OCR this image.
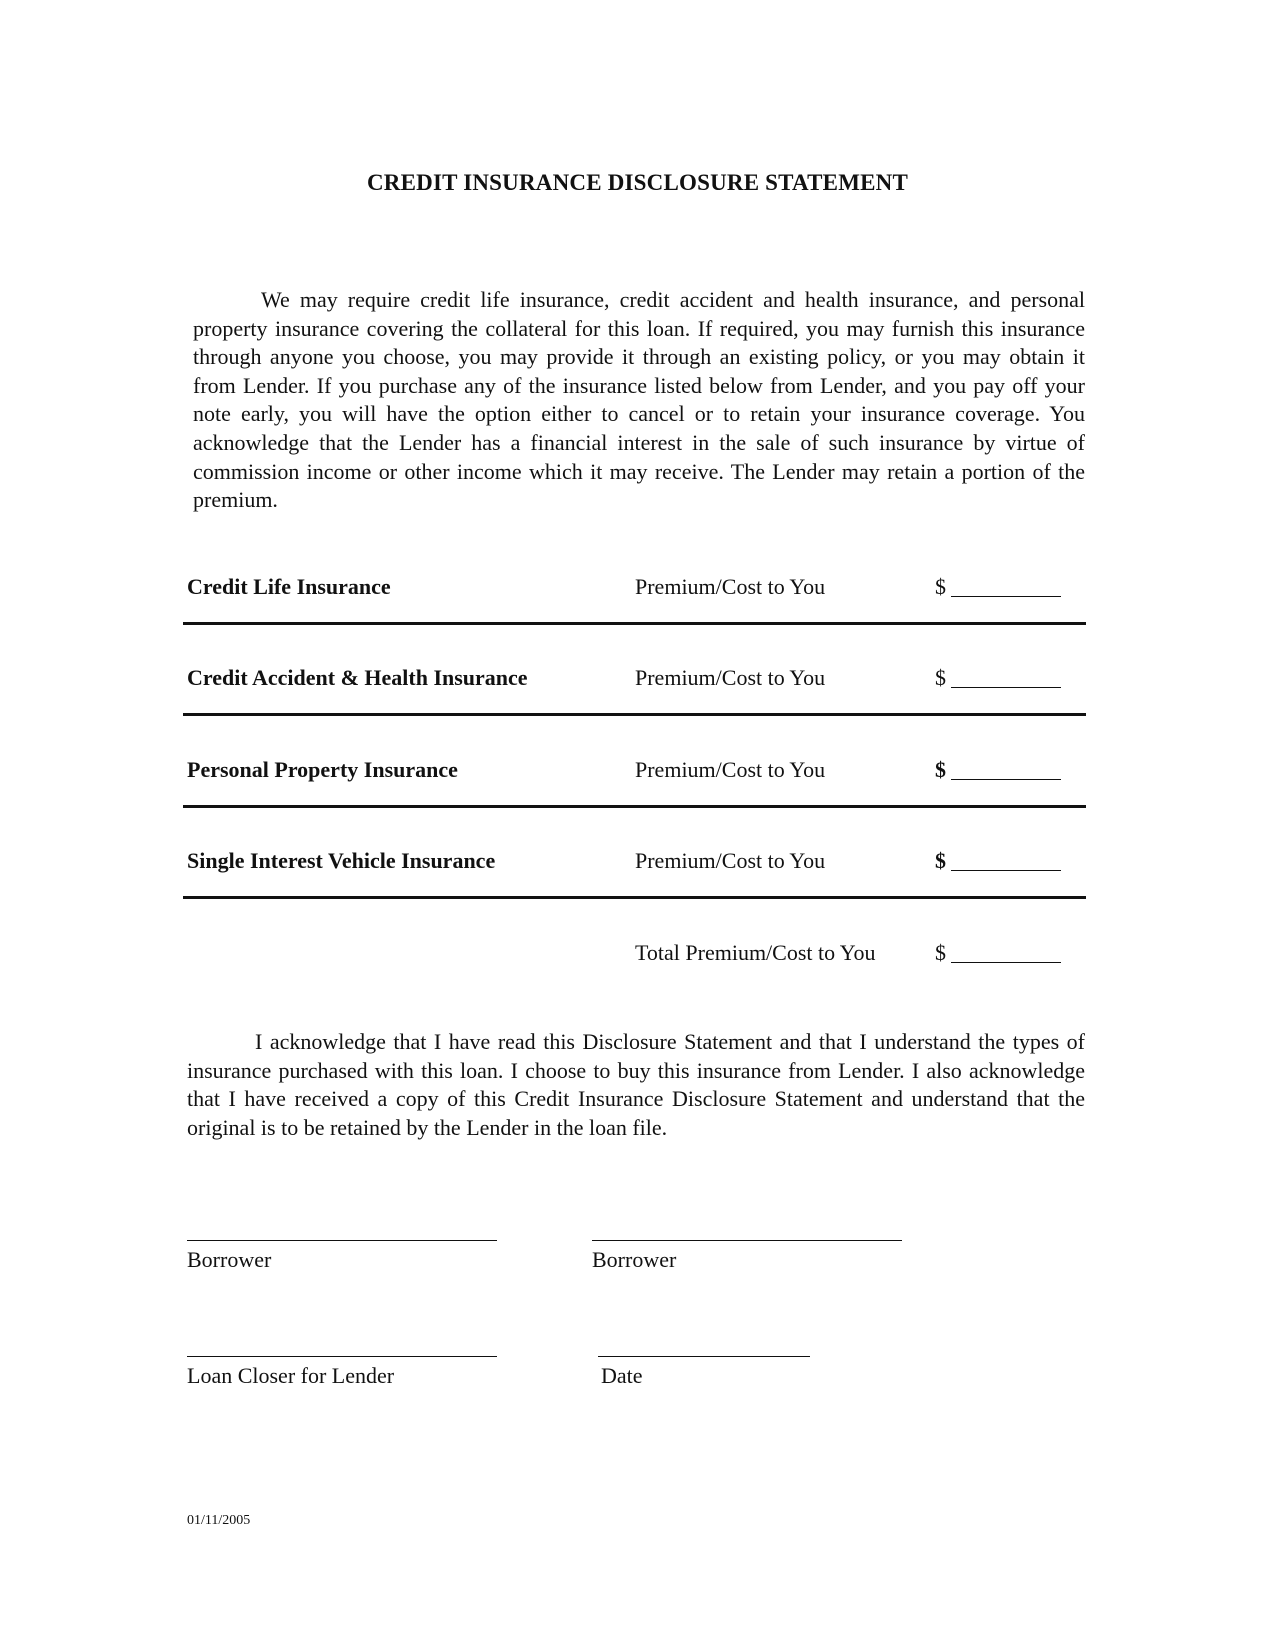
CREDIT INSURANCE DISCLOSURE STATEMENT
We may require credit life insurance, credit accident and health insurance, and personal property insurance covering the collateral for this loan. If required, you may furnish this insurance through anyone you choose, you may provide it through an existing policy, or you may obtain it from Lender. If you purchase any of the insurance listed below from Lender, and you pay off your note early, you will have the option either to cancel or to retain your insurance coverage. You acknowledge that the Lender has a financial interest in the sale of such insurance by virtue of commission income or other income which it may receive. The Lender may retain a portion of the premium.
Credit Life Insurance	Premium/Cost to You	$
Credit Accident & Health Insurance	Premium/Cost to You	$
Personal Property Insurance	Premium/Cost to You	$
Single Interest Vehicle Insurance	Premium/Cost to You	$
Total Premium/Cost to You	$
I acknowledge that I have read this Disclosure Statement and that I understand the types of insurance purchased with this loan. I choose to buy this insurance from Lender. I also acknowledge that I have received a copy of this Credit Insurance Disclosure Statement and understand that the original is to be retained by the Lender in the loan file.
Borrower	Borrower
Loan Closer for Lender	Date
01/11/2005
